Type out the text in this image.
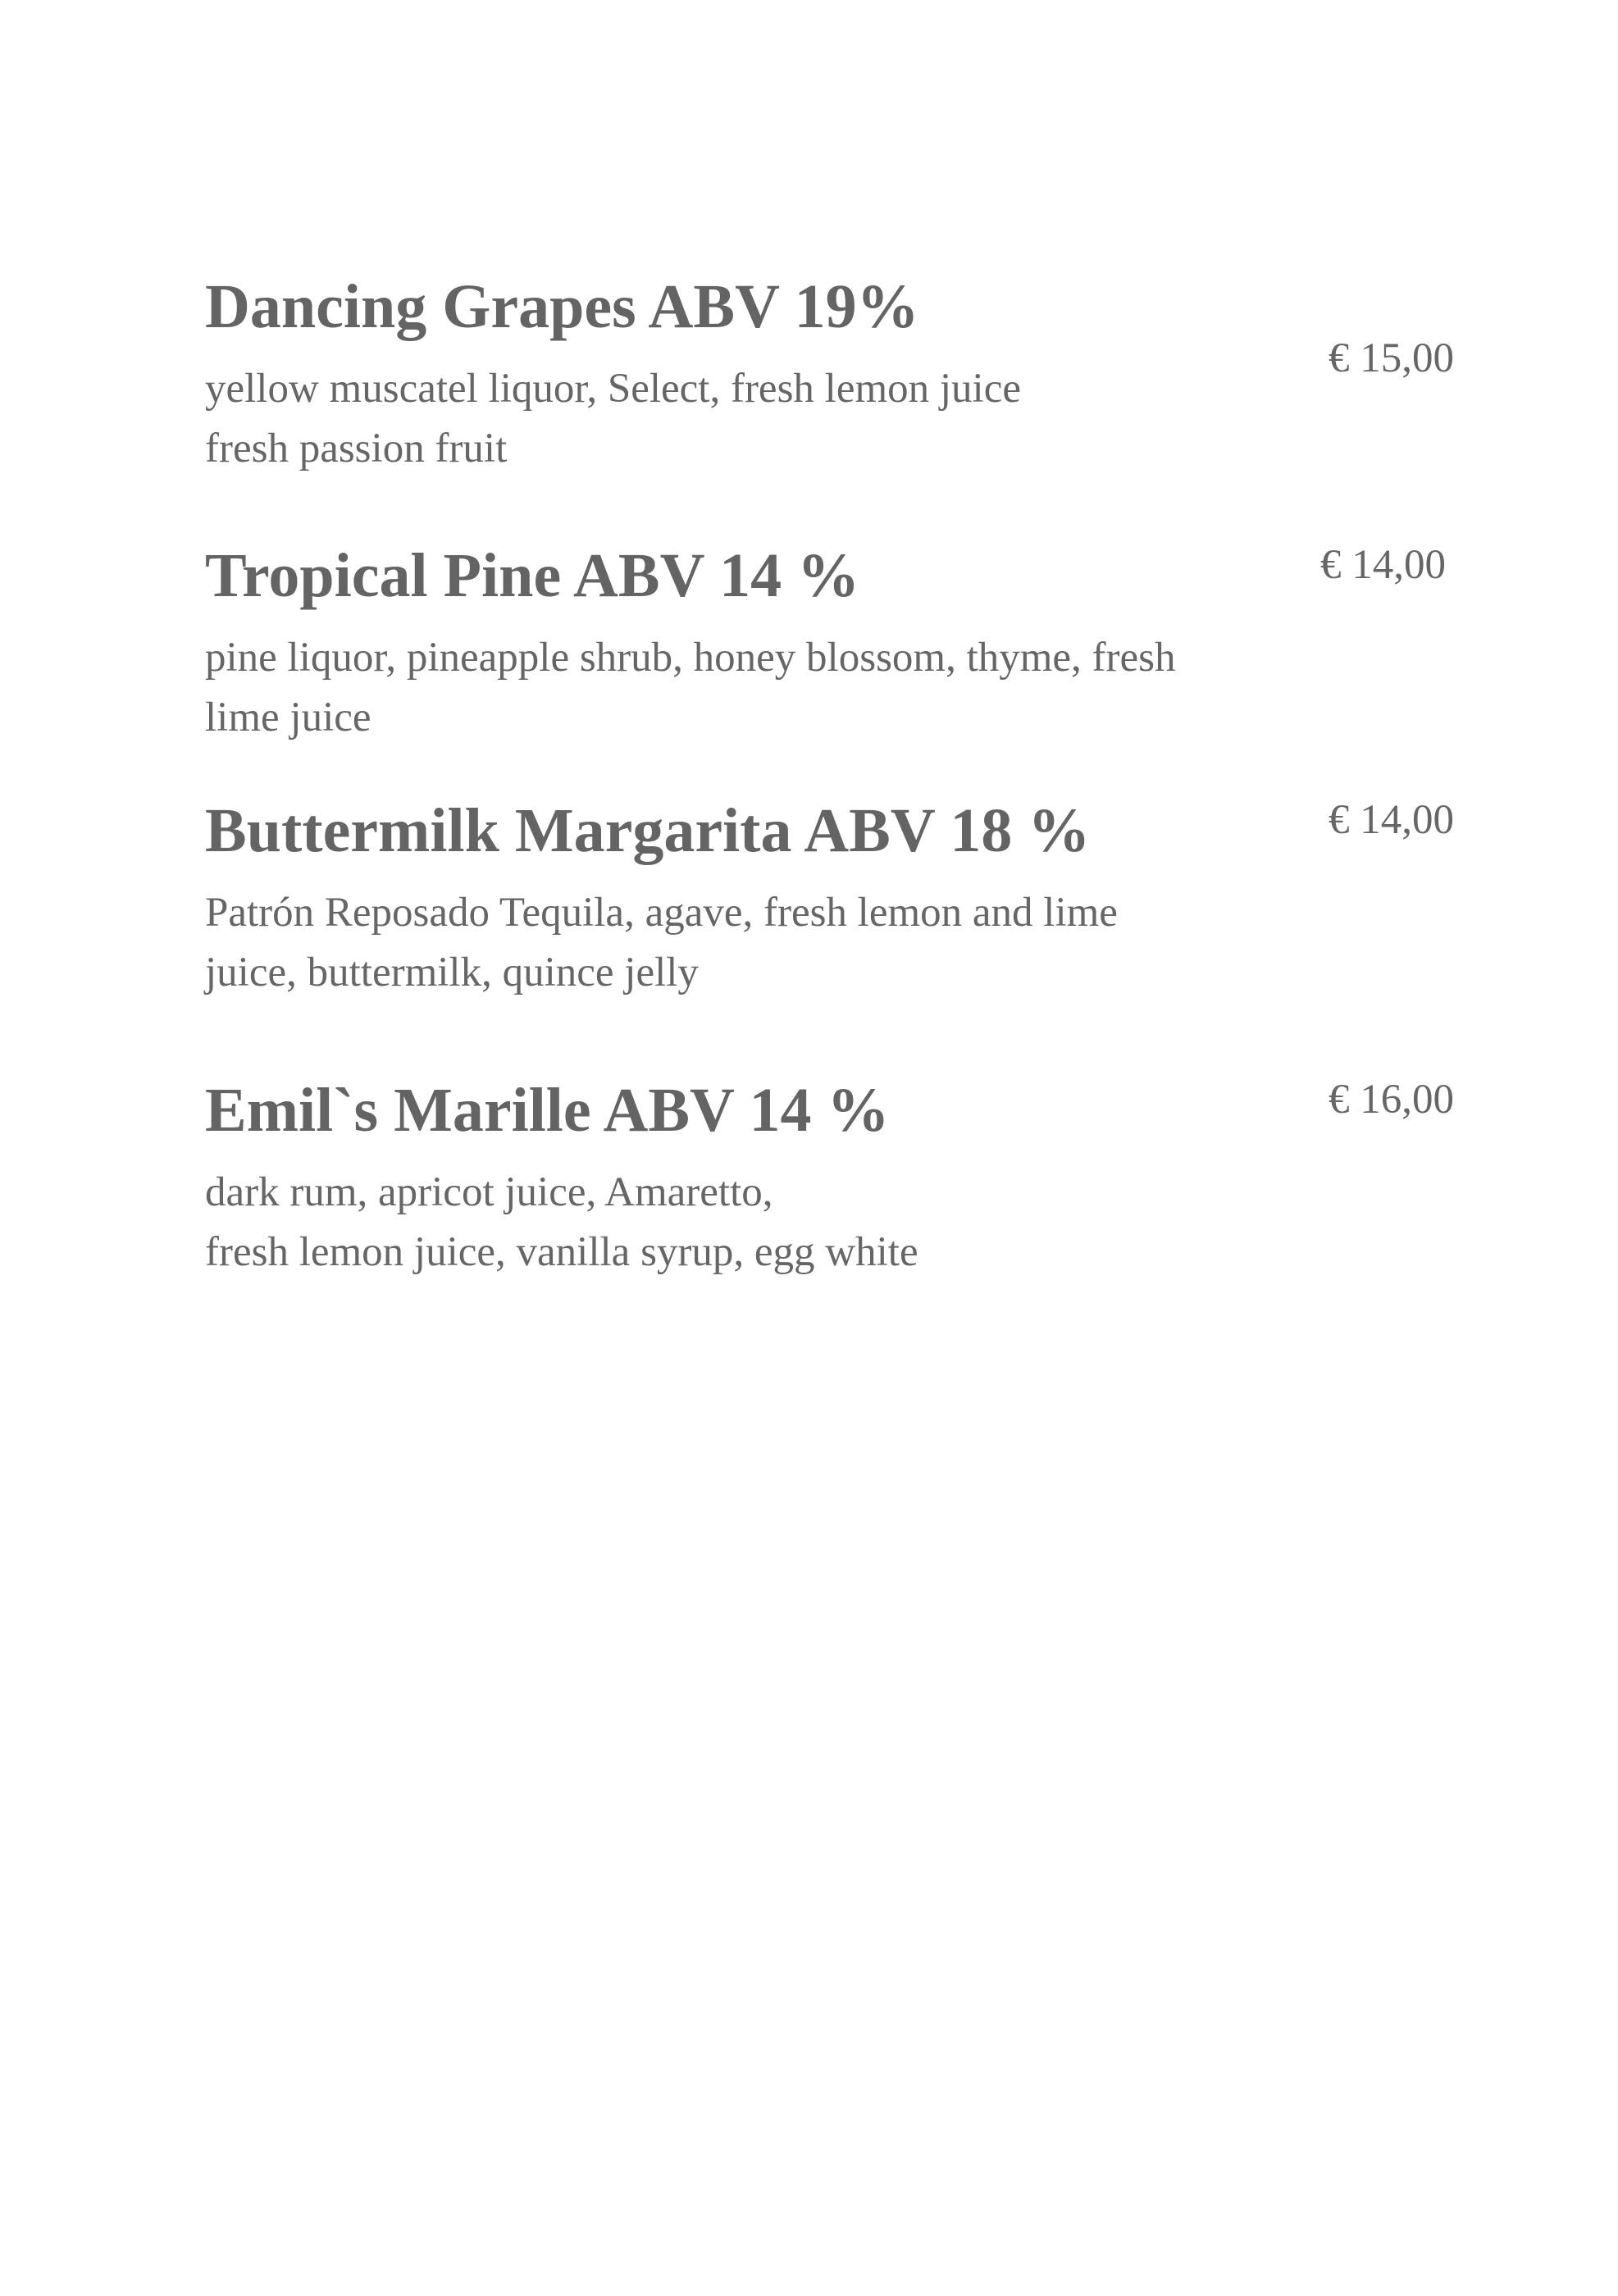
Dancing Grapes ABV 19%
yellow muscatel liquor, Select, fresh lemon juice
fresh passion fruit
€ 15,00
Tropical Pine ABV 14 %
pine liquor, pineapple shrub, honey blossom, thyme, fresh
lime juice
€ 14,00
Buttermilk Margarita ABV 18 %
Patrón Reposado Tequila, agave, fresh lemon and lime
juice, buttermilk, quince jelly
€ 14,00
Emil`s Marille ABV 14 %
dark rum, apricot juice, Amaretto,
fresh lemon juice, vanilla syrup, egg white
€ 16,00
